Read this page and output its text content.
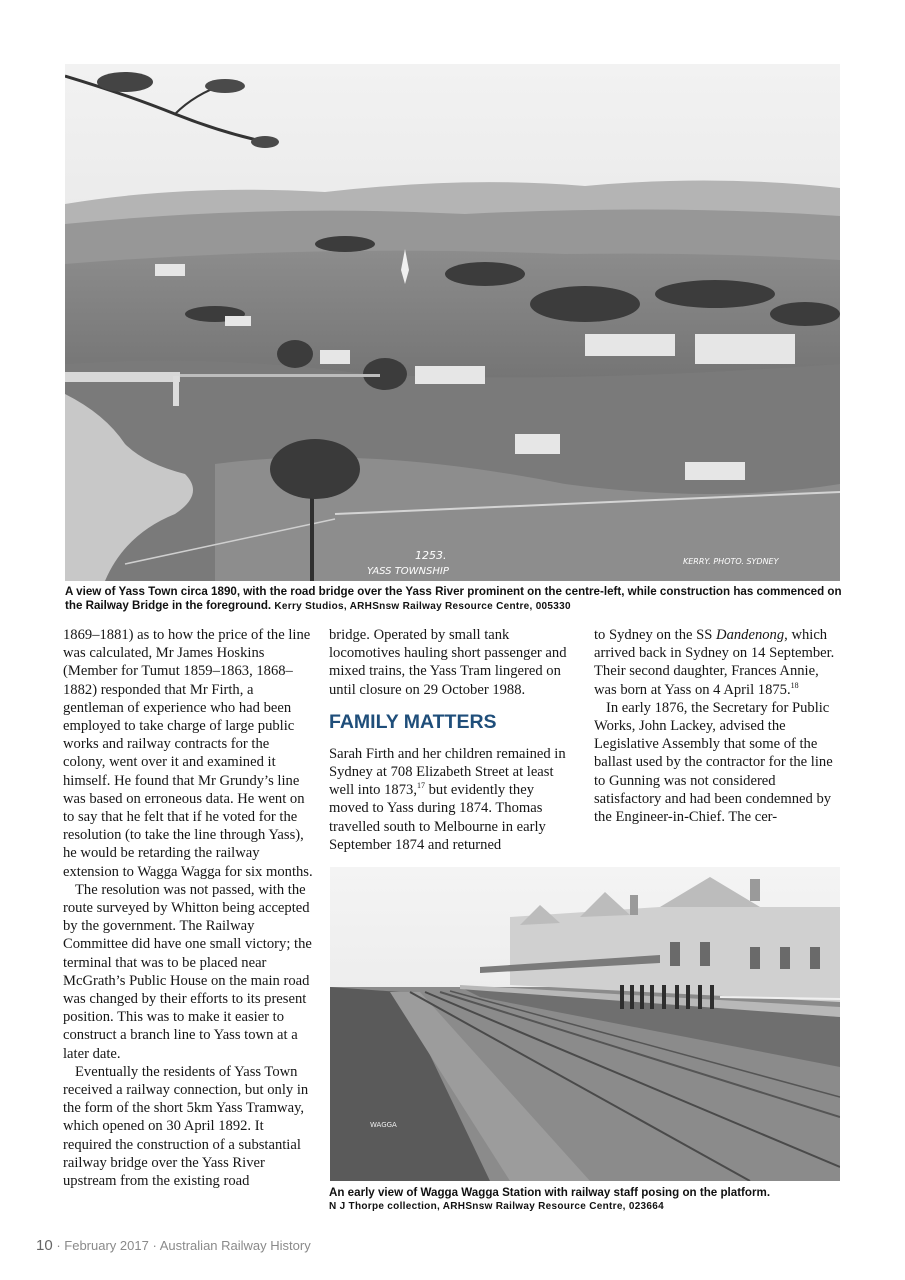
1253.
YASS TOWNSHIP
KERRY. PHOTO. SYDNEY
A view of Yass Town circa 1890, with the road bridge over the Yass River prominent on the centre-left, while construction has commenced on the Railway Bridge in the foreground. Kerry Studios, ARHSnsw Railway Resource Centre, 005330

1869–1881) as to how the price of the line was calculated, Mr James Hoskins (Member for Tumut 1859–1863, 1868–1882) responded that Mr Firth, a gentleman of experience who had been employed to take charge of large public works and railway contracts for the colony, went over it and examined it himself. He found that Mr Grundy’s line was based on erroneous data. He went on to say that he felt that if he voted for the resolution (to take the line through Yass), he would be retarding the railway extension to Wagga Wagga for six months.

The resolution was not passed, with the route surveyed by Whitton being accepted by the government. The Railway Committee did have one small victory; the terminal that was to be placed near McGrath’s Public House on the main road was changed by their efforts to its present position. This was to make it easier to construct a branch line to Yass town at a later date.

Eventually the residents of Yass Town received a railway connection, but only in the form of the short 5km Yass Tramway, which opened on 30 April 1892. It required the construction of a substantial railway bridge over the Yass River upstream from the existing road

bridge. Operated by small tank locomotives hauling short passenger and mixed trains, the Yass Tram lingered on until closure on 29 October 1988.

FAMILY MATTERS

Sarah Firth and her children remained in Sydney at 708 Elizabeth Street at least well into 1873,17 but evidently they moved to Yass during 1874. Thomas travelled south to Melbourne in early September 1874 and returned

to Sydney on the SS Dandenong, which arrived back in Sydney on 14 September. Their second daughter, Frances Annie, was born at Yass on 4 April 1875.18

In early 1876, the Secretary for Public Works, John Lackey, advised the Legislative Assembly that some of the ballast used by the contractor for the line to Gunning was not considered satisfactory and had been condemned by the Engineer-in-Chief. The cer-

WAGGA
An early view of Wagga Wagga Station with railway staff posing on the platform.
N J Thorpe collection, ARHSnsw Railway Resource Centre, 023664
10 · February 2017 · Australian Railway History
